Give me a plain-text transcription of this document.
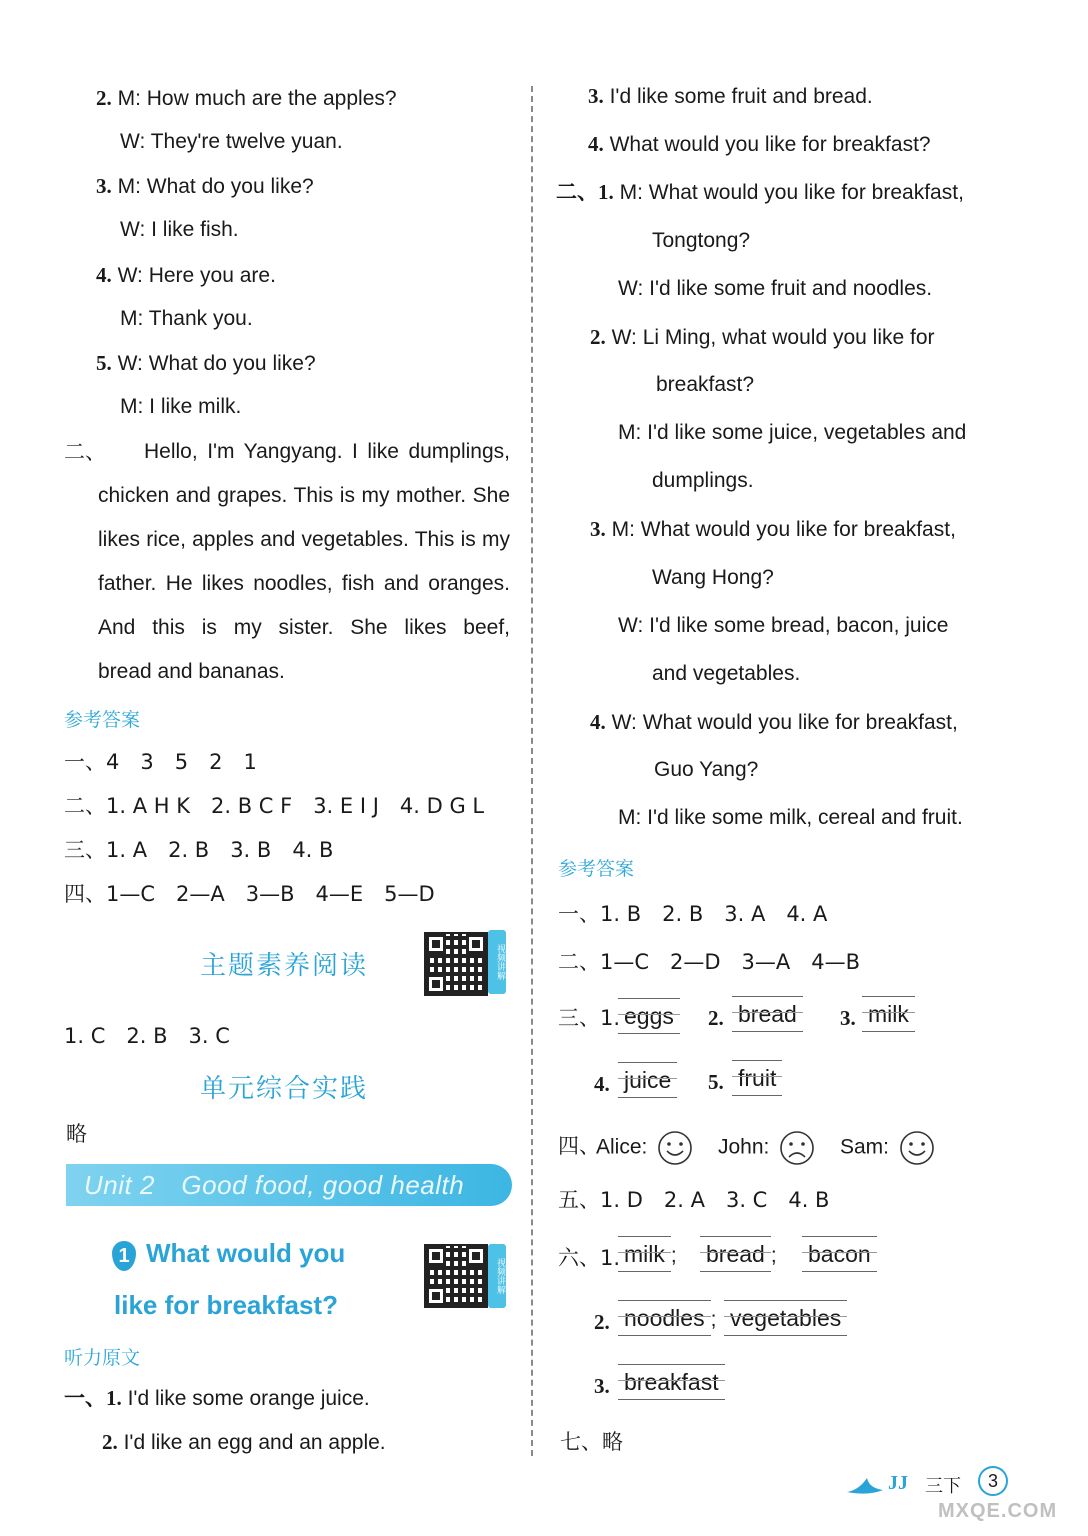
2. M: How much are the apples?
W: They're twelve yuan.
3. M: What do you like?
W: I like fish.
4. W: Here you are.
M: Thank you.
5. W: What do you like?
M: I like milk.
二、	Hello, I'm Yangyang. I like dumplings,
chicken and grapes. This is my mother. She
likes rice, apples and vegetables. This is my
father. He likes noodles, fish and oranges.
And this is my sister. She likes beef,
bread and bananas.
参考答案
一、4　3　5　2　1
二、1. A H K　2. B C F　3. E I J　4. D G L
三、1. A　2. B　3. B　4. B
四、1—C　2—A　3—B　4—E　5—D
主题素养阅读	视频讲解
1. C　2. B　3. C
单元综合实践
略
Unit 2　Good food, good health
1 What would you
like for breakfast?
视频讲解
听力原文
一、1. I'd like some orange juice.
2. I'd like an egg and an apple.
3. I'd like some fruit and bread.
4. What would you like for breakfast?
二、1. M: What would you like for breakfast,
Tongtong?
W: I'd like some fruit and noodles.
2. W: Li Ming, what would you like for
breakfast?
M: I'd like some juice, vegetables and
dumplings.
3. M: What would you like for breakfast,
Wang Hong?
W: I'd like some bread, bacon, juice
and vegetables.
4. W: What would you like for breakfast,
Guo Yang?
M: I'd like some milk, cereal and fruit.
参考答案
一、1. B　2. B　3. A　4. A
二、1—C　2—D　3—A　4—B
三、1. eggs 2. bread 3. milk
4. juice 5. fruit
四、
Alice:	John:	Sam:
五、1. D　2. A　3. C　4. B
六、1. milk ; bread ; bacon
2. noodles ; vegetables
3. breakfast
七、略
JJ 三下	3
MXQE.COM
